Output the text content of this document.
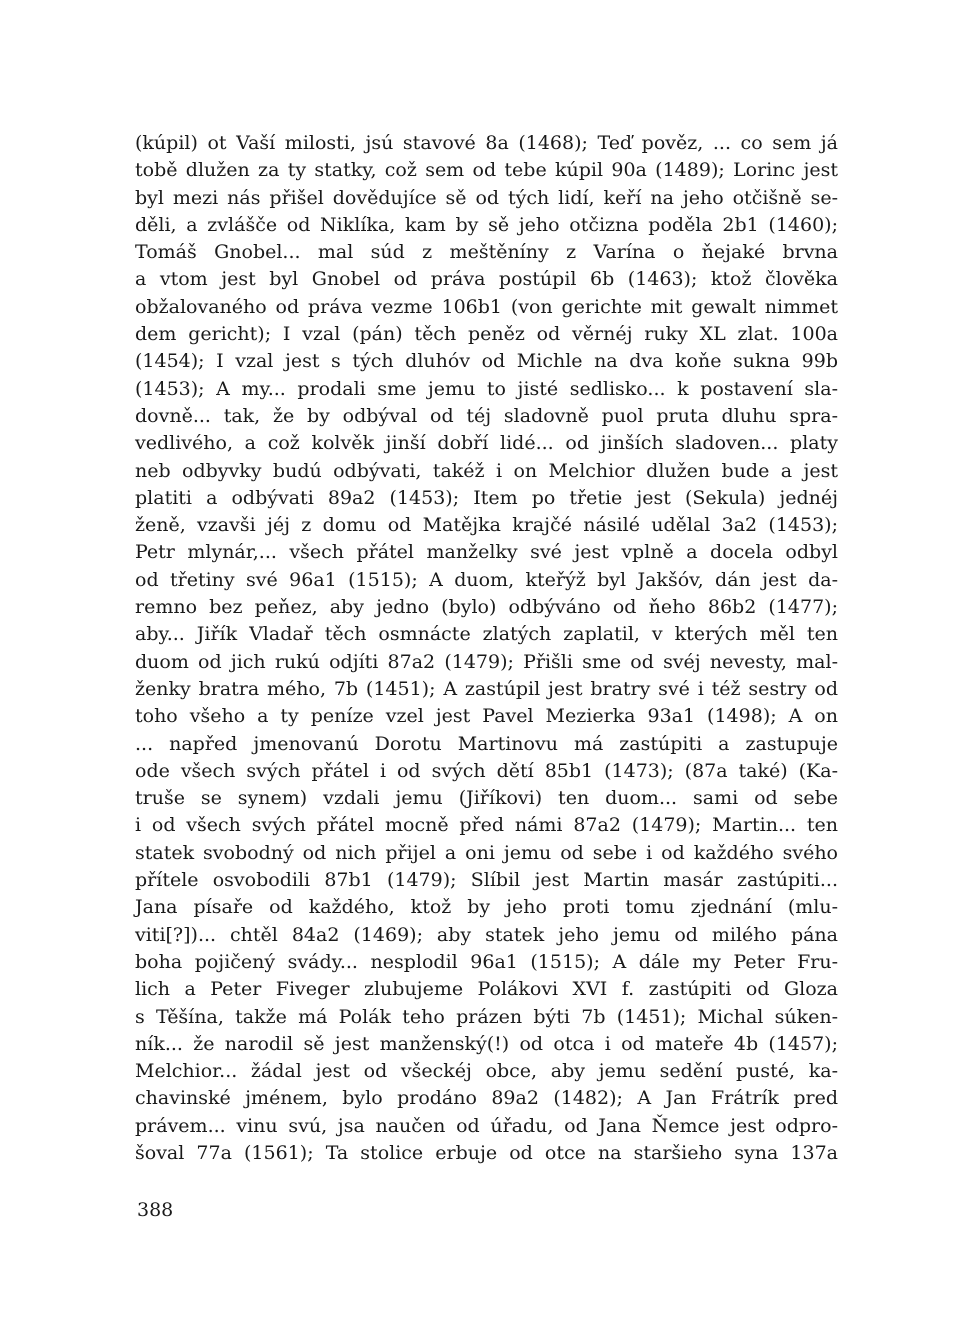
(kúpil) ot Vaší milosti, jsú stavové 8a (1468); Teď pověz, ... co sem já
tobě dlužen za ty statky, což sem od tebe kúpil 90a (1489); Lorinc jest
byl mezi nás přišel dovědujíce sě od tých lidí, keří na jeho otčišně se-
děli, a zvlášče od Niklíka, kam by sě jeho otčizna poděla 2b1 (1460);
Tomáš Gnobel... mal súd z meštěníny z Varína o ňejaké brvna
a vtom jest byl Gnobel od práva postúpil 6b (1463); ktož člověka
obžalovaného od práva vezme 106b1 (von gerichte mit gewalt nimmet
dem gericht); I vzal (pán) těch peněz od věrnéj ruky XL zlat. 100a
(1454); I vzal jest s tých dluhóv od Michle na dva koňe sukna 99b
(1453); A my... prodali sme jemu to jisté sedlisko... k postavení sla-
dovně... tak, že by odbýval od téj sladovně puol pruta dluhu spra-
vedlivého, a což kolvěk jinší dobří lidé... od jinších sladoven... platy
neb odbyvky budú odbývati, takéž i on Melchior dlužen bude a jest
platiti a odbývati 89a2 (1453); Item po třetie jest (Sekula) jednéj
ženě, vzavši jéj z domu od Matějka krajčé násilé udělal 3a2 (1453);
Petr mlynár,... všech přátel manželky své jest vplně a docela odbyl
od třetiny své 96a1 (1515); A duom, kteřýž byl Jakšóv, dán jest da-
remno bez peňez, aby jedno (bylo) odbýváno od ňeho 86b2 (1477);
aby... Jiřík Vladař těch osmnácte zlatých zaplatil, v kterých měl ten
duom od jich rukú odjíti 87a2 (1479); Přišli sme od svéj nevesty, mal-
ženky bratra mého, 7b (1451); A zastúpil jest bratry své i též sestry od
toho všeho a ty peníze vzel jest Pavel Mezierka 93a1 (1498); A on
... napřed jmenovanú Dorotu Martinovu má zastúpiti a zastupuje
ode všech svých přátel i od svých dětí 85b1 (1473); (87a také) (Ka-
truše se synem) vzdali jemu (Jiříkovi) ten duom... sami od sebe
i od všech svých přátel mocně před námi 87a2 (1479); Martin... ten
statek svobodný od nich přijel a oni jemu od sebe i od každého svého
přítele osvobodili 87b1 (1479); Slíbil jest Martin masár zastúpiti...
Jana písaře od každého, ktož by jeho proti tomu zjednání (mlu-
viti[?])... chtěl 84a2 (1469); aby statek jeho jemu od milého pána
boha pojičený svády... nesplodil 96a1 (1515); A dále my Peter Fru-
lich a Peter Fiveger zlubujeme Polákovi XVI f. zastúpiti od Gloza
s Těšína, takže má Polák teho prázen býti 7b (1451); Michal súken-
ník... že narodil sě jest manženský(!) od otca i od mateře 4b (1457);
Melchior... žádal jest od všeckéj obce, aby jemu sedění pusté, ka-
chavinské jménem, bylo prodáno 89a2 (1482); A Jan Frátrík pred
právem... vinu svú, jsa naučen od úřadu, od Jana Ňemce jest odpro-
šoval 77a (1561); Ta stolice erbuje od otce na staršieho syna 137a
388
